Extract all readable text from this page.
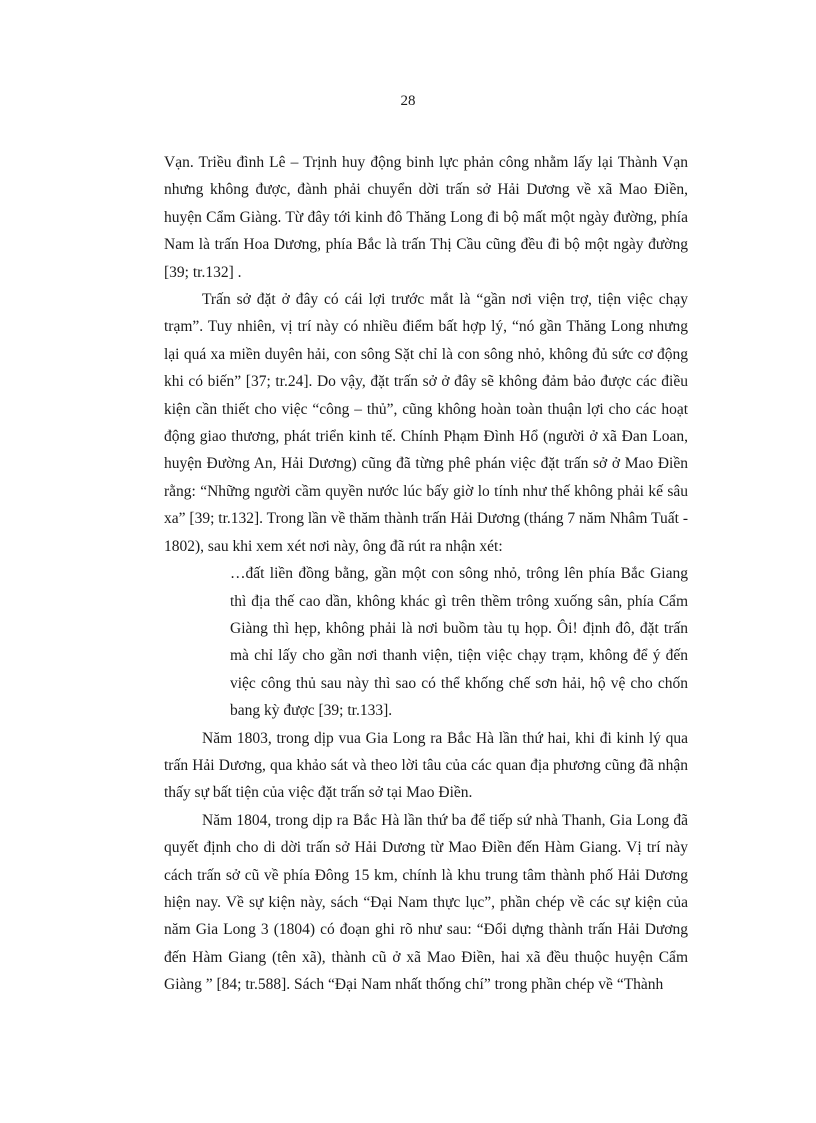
28

Vạn. Triều đình Lê – Trịnh huy động binh lực phản công nhằm lấy lại Thành Vạn nhưng không được, đành phải chuyển dời trấn sở Hải Dương về xã Mao Điền, huyện Cẩm Giàng. Từ đây tới kinh đô Thăng Long đi bộ mất một ngày đường, phía Nam là trấn Hoa Dương, phía Bắc là trấn Thị Cầu cũng đều đi bộ một ngày đường [39; tr.132] .

Trấn sở đặt ở đây có cái lợi trước mắt là “gần nơi viện trợ, tiện việc chạy trạm”. Tuy nhiên, vị trí này có nhiều điểm bất hợp lý, “nó gần Thăng Long nhưng lại quá xa miền duyên hải, con sông Sặt chỉ là con sông nhỏ, không đủ sức cơ động khi có biến” [37; tr.24]. Do vậy, đặt trấn sở ở đây sẽ không đảm bảo được các điều kiện cần thiết cho việc “công – thủ”, cũng không hoàn toàn thuận lợi cho các hoạt động giao thương, phát triển kinh tế. Chính Phạm Đình Hổ (người ở xã Đan Loan, huyện Đường An, Hải Dương) cũng đã từng phê phán việc đặt trấn sở ở Mao Điền rằng: “Những người cầm quyền nước lúc bấy giờ lo tính như thế không phải kế sâu xa” [39; tr.132]. Trong lần về thăm thành trấn Hải Dương (tháng 7 năm Nhâm Tuất - 1802), sau khi xem xét nơi này, ông đã rút ra nhận xét:

…đất liền đồng bằng, gần một con sông nhỏ, trông lên phía Bắc Giang thì địa thế cao dần, không khác gì trên thềm trông xuống sân, phía Cẩm Giàng thì hẹp, không phải là nơi buồm tàu tụ họp. Ôi! định đô, đặt trấn mà chỉ lấy cho gần nơi thanh viện, tiện việc chạy trạm, không để ý đến việc công thủ sau này thì sao có thể khống chế sơn hải, hộ vệ cho chốn bang kỳ được [39; tr.133].

Năm 1803, trong dịp vua Gia Long ra Bắc Hà lần thứ hai, khi đi kinh lý qua trấn Hải Dương, qua khảo sát và theo lời tâu của các quan địa phương cũng đã nhận thấy sự bất tiện của việc đặt trấn sở tại Mao Điền.

Năm 1804, trong dịp ra Bắc Hà lần thứ ba để tiếp sứ nhà Thanh, Gia Long đã quyết định cho di dời trấn sở Hải Dương từ Mao Điền đến Hàm Giang. Vị trí này cách trấn sở cũ về phía Đông 15 km, chính là khu trung tâm thành phố Hải Dương hiện nay. Về sự kiện này, sách “Đại Nam thực lục”, phần chép về các sự kiện của năm Gia Long 3 (1804) có đoạn ghi rõ như sau: “Đổi dựng thành trấn Hải Dương đến Hàm Giang (tên xã), thành cũ ở xã Mao Điền, hai xã đều thuộc huyện Cẩm Giàng ” [84; tr.588]. Sách “Đại Nam nhất thống chí” trong phần chép về “Thành
